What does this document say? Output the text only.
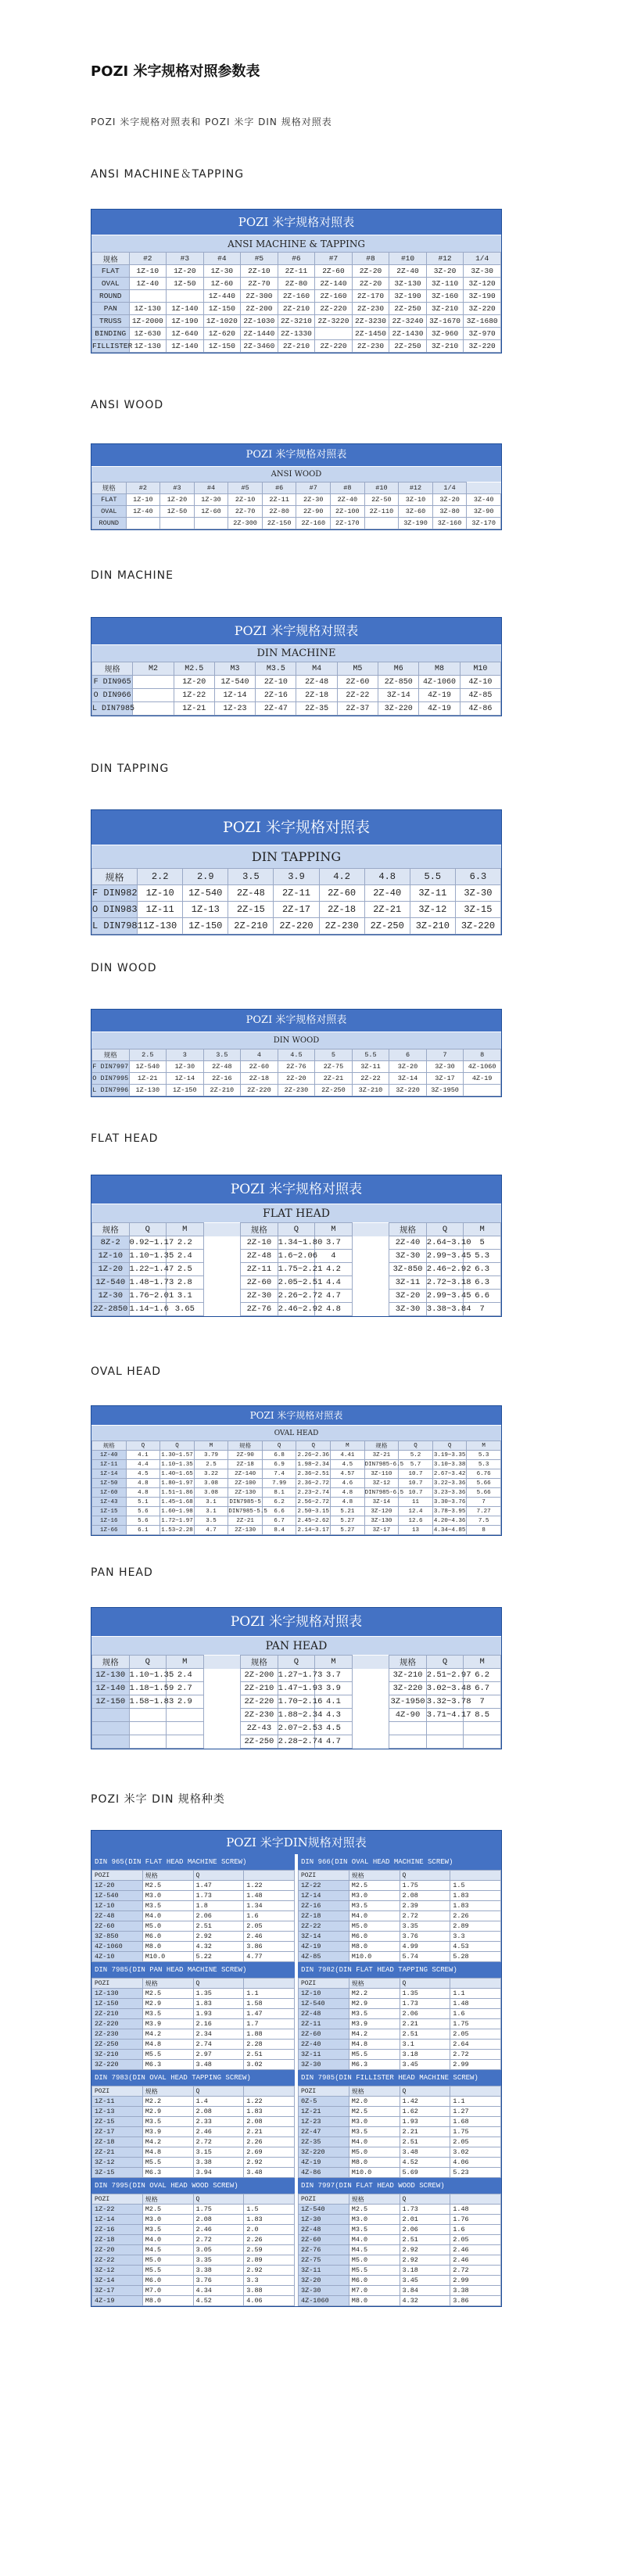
POZI 米字规格对照参数表
POZI 米字规格对照表和 POZI 米字 DIN 规格对照表
ANSI MACHINE＆TAPPING
POZI 米字规格对照表
ANSI MACHINE & TAPPING
规格	#2	#3	#4	#5	#6	#7	#8	#10	#12	1/4
FLAT	1Z-10	1Z-20	1Z-30	2Z-10	2Z-11	2Z-60	2Z-20	2Z-40	3Z-20	3Z-30
OVAL	1Z-40	1Z-50	1Z-60	2Z-70	2Z-80	2Z-140	2Z-20	3Z-130	3Z-110	3Z-120
ROUND			1Z-440	2Z-300	2Z-160	2Z-160	2Z-170	3Z-190	3Z-160	3Z-190
PAN	1Z-130	1Z-140	1Z-150	2Z-200	2Z-210	2Z-220	2Z-230	2Z-250	3Z-210	3Z-220
TRUSS	1Z-2000	1Z-190	1Z-1020	2Z-1030	2Z-3210	2Z-3220	2Z-3230	2Z-3240	3Z-1670	3Z-1680
BINDING	1Z-630	1Z-640	1Z-620	2Z-1440	2Z-1330		2Z-1450	2Z-1430	3Z-960	3Z-970
FILLISTER	1Z-130	1Z-140	1Z-150	2Z-3460	2Z-210	2Z-220	2Z-230	2Z-250	3Z-210	3Z-220
ANSI WOOD
POZI 米字规格对照表
ANSI WOOD
规格	#2	#3	#4	#5	#6	#7	#8	#10	#12	1/4	
FLAT	1Z-10	1Z-20	1Z-30	2Z-10	2Z-11	2Z-30	2Z-40	2Z-50	3Z-10	3Z-20	3Z-40
OVAL	1Z-40	1Z-50	1Z-60	2Z-70	2Z-80	2Z-90	2Z-100	2Z-110	3Z-60	3Z-80	3Z-90
ROUND				2Z-300	2Z-150	2Z-160	2Z-170		3Z-190	3Z-160	3Z-170
DIN MACHINE
POZI 米字规格对照表
DIN MACHINE
规格	M2	M2.5	M3	M3.5	M4	M5	M6	M8	M10
F DIN965		1Z-20	1Z-540	2Z-10	2Z-48	2Z-60	2Z-850	4Z-1060	4Z-10
O DIN966		1Z-22	1Z-14	2Z-16	2Z-18	2Z-22	3Z-14	4Z-19	4Z-85
L DIN7985		1Z-21	1Z-23	2Z-47	2Z-35	2Z-37	3Z-220	4Z-19	4Z-86
DIN TAPPING
POZI 米字规格对照表
DIN TAPPING
规格	2.2	2.9	3.5	3.9	4.2	4.8	5.5	6.3
F DIN982	1Z-10	1Z-540	2Z-48	2Z-11	2Z-60	2Z-40	3Z-11	3Z-30
O DIN983	1Z-11	1Z-13	2Z-15	2Z-17	2Z-18	2Z-21	3Z-12	3Z-15
L DIN7981	1Z-130	1Z-150	2Z-210	2Z-220	2Z-230	2Z-250	3Z-210	3Z-220
DIN WOOD
POZI 米字规格对照表
DIN WOOD
规格	2.5	3	3.5	4	4.5	5	5.5	6	7	8
F DIN7997	1Z-540	1Z-30	2Z-48	2Z-60	2Z-76	2Z-75	3Z-11	3Z-20	3Z-30	4Z-1060
O DIN7995	1Z-21	1Z-14	2Z-16	2Z-18	2Z-20	2Z-21	2Z-22	3Z-14	3Z-17	4Z-19
L DIN7996	1Z-130	1Z-150	2Z-210	2Z-220	2Z-230	2Z-250	3Z-210	3Z-220	3Z-1950	
FLAT HEAD
POZI 米字规格对照表
FLAT HEAD
规格	Q	M		规格	Q	M		规格	Q	M
8Z-2	0.92~1.17	2.2		2Z-10	1.34~1.80	3.7		2Z-40	2.64~3.10	5
1Z-10	1.10~1.35	2.4		2Z-48	1.6~2.06	4		3Z-30	2.99~3.45	5.3
1Z-20	1.22~1.47	2.5		2Z-11	1.75~2.21	4.2		3Z-850	2.46~2.92	6.3
1Z-540	1.48~1.73	2.8		2Z-60	2.05~2.51	4.4		3Z-11	2.72~3.18	6.3
1Z-30	1.76~2.01	3.1		2Z-30	2.26~2.72	4.7		3Z-20	2.99~3.45	6.6
2Z-2850	1.14~1.6	3.65		2Z-76	2.46~2.92	4.8		3Z-30	3.38~3.84	7
OVAL HEAD
POZI 米字规格对照表
OVAL HEAD
规格	Q	Q	M	规格	Q	Q	M	规格	Q	Q	M
1Z-40	4.1	1.30~1.57	3.79	2Z-90	6.8	2.26~2.36	4.41	3Z-21	5.2	3.19~3.35	5.3
1Z-11	4.4	1.10~1.35	2.5	2Z-18	6.9	1.98~2.34	4.5	DIN7985-6.5	5.7	3.10~3.38	5.3
1Z-14	4.5	1.40~1.65	3.22	2Z-140	7.4	2.36~2.51	4.57	3Z-110	10.7	2.67~3.42	6.76
1Z-50	4.8	1.80~1.97	3.08	2Z-100	7.99	2.36~2.72	4.6	3Z-12	10.7	3.22~3.36	5.66
1Z-60	4.8	1.51~1.86	3.08	2Z-130	8.1	2.23~2.74	4.8	DIN7985-6.5	10.7	3.23~3.36	5.66
1Z-43	5.1	1.45~1.68	3.1	DIN7985-5	6.2	2.56~2.72	4.8	3Z-14	11	3.30~3.76	7
1Z-15	5.6	1.60~1.98	3.1	DIN7985-5.5	6.6	2.50~3.15	5.21	3Z-120	12.4	3.78~3.95	7.27
1Z-16	5.6	1.72~1.97	3.5	2Z-21	6.7	2.45~2.62	5.27	3Z-130	12.6	4.20~4.36	7.5
1Z-66	6.1	1.53~2.28	4.7	2Z-130	8.4	2.14~3.17	5.27	3Z-17	13	4.34~4.85	8
PAN HEAD
POZI 米字规格对照表
PAN HEAD
规格	Q	M		规格	Q	M		规格	Q	M
1Z-130	1.10~1.35	2.4		2Z-200	1.27~1.73	3.7		3Z-210	2.51~2.97	6.2
1Z-140	1.18~1.59	2.7		2Z-210	1.47~1.93	3.9		3Z-220	3.02~3.48	6.7
1Z-150	1.58~1.83	2.9		2Z-220	1.70~2.16	4.1		3Z-1950	3.32~3.78	7
				2Z-230	1.88~2.34	4.3		4Z-90	3.71~4.17	8.5
				2Z-43	2.07~2.53	4.5				
				2Z-250	2.28~2.74	4.7				
POZI 米字 DIN 规格种类
POZI 米字DIN规格对照表
DIN 965(DIN FLAT HEAD MACHINE SCREW)
POZI	规格	Q	
1Z-20	M2.5	1.47	1.22
1Z-540	M3.0	1.73	1.48
1Z-10	M3.5	1.8	1.34
2Z-48	M4.0	2.06	1.6
2Z-60	M5.0	2.51	2.05
3Z-850	M6.0	2.92	2.46
4Z-1060	M8.0	4.32	3.86
4Z-10	M10.0	5.22	4.77
DIN 966(DIN OVAL HEAD MACHINE SCREW)
POZI	规格	Q	
1Z-22	M2.5	1.75	1.5
1Z-14	M3.0	2.08	1.83
2Z-16	M3.5	2.39	1.83
2Z-18	M4.0	2.72	2.26
2Z-22	M5.0	3.35	2.89
3Z-14	M6.0	3.76	3.3
4Z-19	M8.0	4.99	4.53
4Z-85	M10.0	5.74	5.28
DIN 7985(DIN PAN HEAD MACHINE SCREW)
POZI	规格	Q	
1Z-130	M2.5	1.35	1.1
1Z-150	M2.9	1.83	1.58
2Z-210	M3.5	1.93	1.47
2Z-220	M3.9	2.16	1.7
2Z-230	M4.2	2.34	1.88
2Z-250	M4.8	2.74	2.28
3Z-210	M5.5	2.97	2.51
3Z-220	M6.3	3.48	3.02
DIN 7982(DIN FLAT HEAD TAPPING SCREW)
POZI	规格	Q	
1Z-10	M2.2	1.35	1.1
1Z-540	M2.9	1.73	1.48
2Z-48	M3.5	2.06	1.6
2Z-11	M3.9	2.21	1.75
2Z-60	M4.2	2.51	2.05
2Z-40	M4.8	3.1	2.64
3Z-11	M5.5	3.18	2.72
3Z-30	M6.3	3.45	2.99
DIN 7983(DIN OVAL HEAD TAPPING SCREW)
POZI	规格	Q	
1Z-11	M2.2	1.4	1.22
1Z-13	M2.9	2.08	1.83
2Z-15	M3.5	2.33	2.08
2Z-17	M3.9	2.46	2.21
2Z-18	M4.2	2.72	2.26
2Z-21	M4.8	3.15	2.69
3Z-12	M5.5	3.38	2.92
3Z-15	M6.3	3.94	3.48
DIN 7985(DIN FILLISTER HEAD MACHINE SCREW)
POZI	规格	Q	
0Z-5	M2.0	1.42	1.1
1Z-21	M2.5	1.62	1.27
1Z-23	M3.0	1.93	1.68
2Z-47	M3.5	2.21	1.75
2Z-35	M4.0	2.51	2.05
3Z-220	M5.0	3.48	3.02
4Z-19	M8.0	4.52	4.06
4Z-86	M10.0	5.69	5.23
DIN 7995(DIN OVAL HEAD WOOD SCREW)
POZI	规格	Q	
1Z-22	M2.5	1.75	1.5
1Z-14	M3.0	2.08	1.83
2Z-16	M3.5	2.46	2.0
2Z-18	M4.0	2.72	2.26
2Z-20	M4.5	3.05	2.59
2Z-22	M5.0	3.35	2.89
3Z-12	M5.5	3.38	2.92
3Z-14	M6.0	3.76	3.3
3Z-17	M7.0	4.34	3.88
4Z-19	M8.0	4.52	4.06
DIN 7997(DIN FLAT HEAD WOOD SCREW)
POZI	规格	Q	
1Z-540	M2.5	1.73	1.48
1Z-30	M3.0	2.01	1.76
2Z-48	M3.5	2.06	1.6
2Z-60	M4.0	2.51	2.05
2Z-76	M4.5	2.92	2.46
2Z-75	M5.0	2.92	2.46
3Z-11	M5.5	3.18	2.72
3Z-20	M6.0	3.45	2.99
3Z-30	M7.0	3.84	3.38
4Z-1060	M8.0	4.32	3.86
